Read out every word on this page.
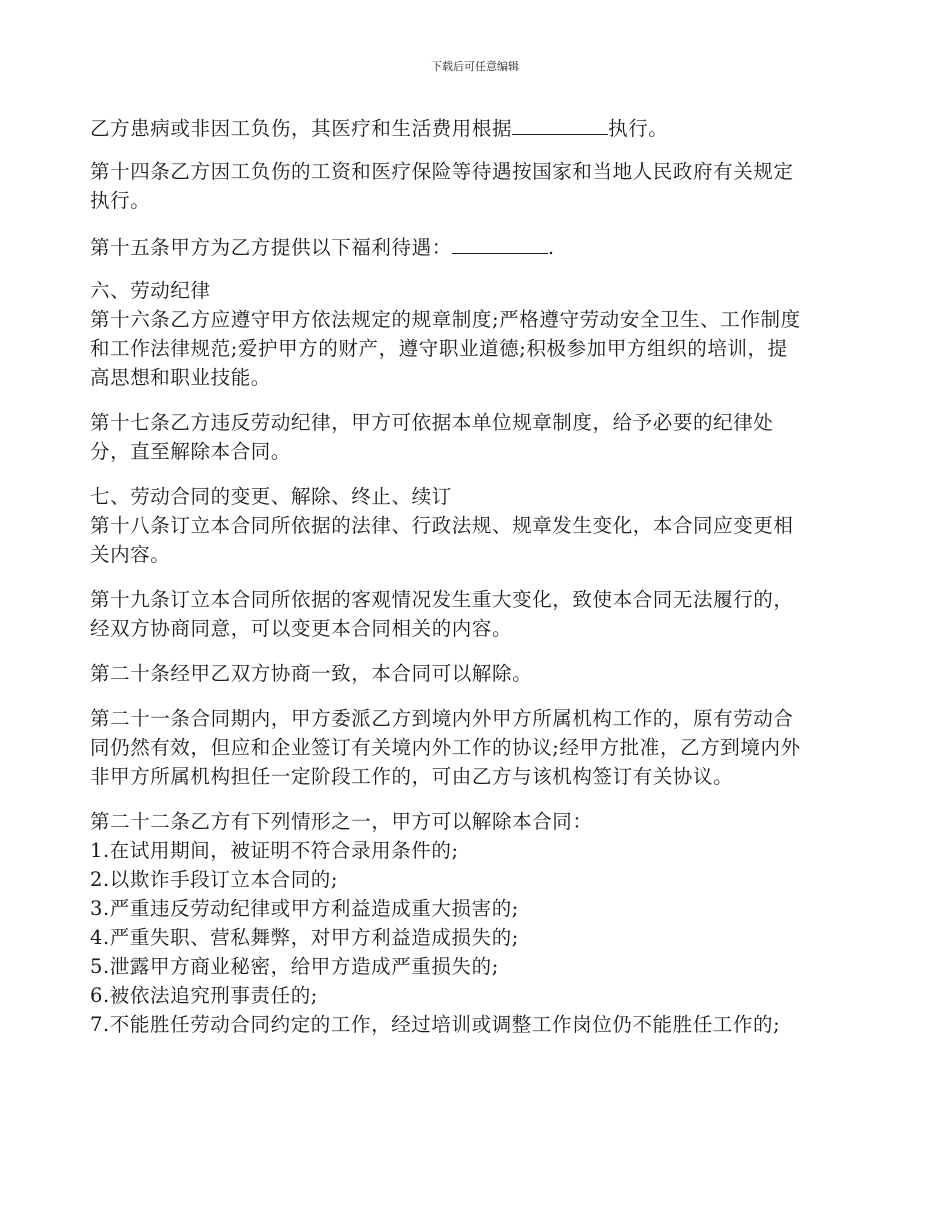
下载后可任意编辑
乙方患病或非因工负伤，其医疗和生活费用根据	执行。
第十四条乙方因工负伤的工资和医疗保险等待遇按国家和当地人民政府有关规定
执行。
第十五条甲方为乙方提供以下福利待遇：	.
六、劳动纪律
第十六条乙方应遵守甲方依法规定的规章制度;严格遵守劳动安全卫生、工作制度
和工作法律规范;爱护甲方的财产，遵守职业道德;积极参加甲方组织的培训，提
高思想和职业技能。
第十七条乙方违反劳动纪律，甲方可依据本单位规章制度，给予必要的纪律处
分，直至解除本合同。
七、劳动合同的变更、解除、终止、续订
第十八条订立本合同所依据的法律、行政法规、规章发生变化，本合同应变更相
关内容。
第十九条订立本合同所依据的客观情况发生重大变化，致使本合同无法履行的，
经双方协商同意，可以变更本合同相关的内容。
第二十条经甲乙双方协商一致，本合同可以解除。
第二十一条合同期内，甲方委派乙方到境内外甲方所属机构工作的，原有劳动合
同仍然有效，但应和企业签订有关境内外工作的协议;经甲方批准，乙方到境内外
非甲方所属机构担任一定阶段工作的，可由乙方与该机构签订有关协议。
第二十二条乙方有下列情形之一，甲方可以解除本合同：
1.在试用期间，被证明不符合录用条件的;
2.以欺诈手段订立本合同的;
3.严重违反劳动纪律或甲方利益造成重大损害的;
4.严重失职、营私舞弊，对甲方利益造成损失的;
5.泄露甲方商业秘密，给甲方造成严重损失的;
6.被依法追究刑事责任的;
7.不能胜任劳动合同约定的工作，经过培训或调整工作岗位仍不能胜任工作的;
